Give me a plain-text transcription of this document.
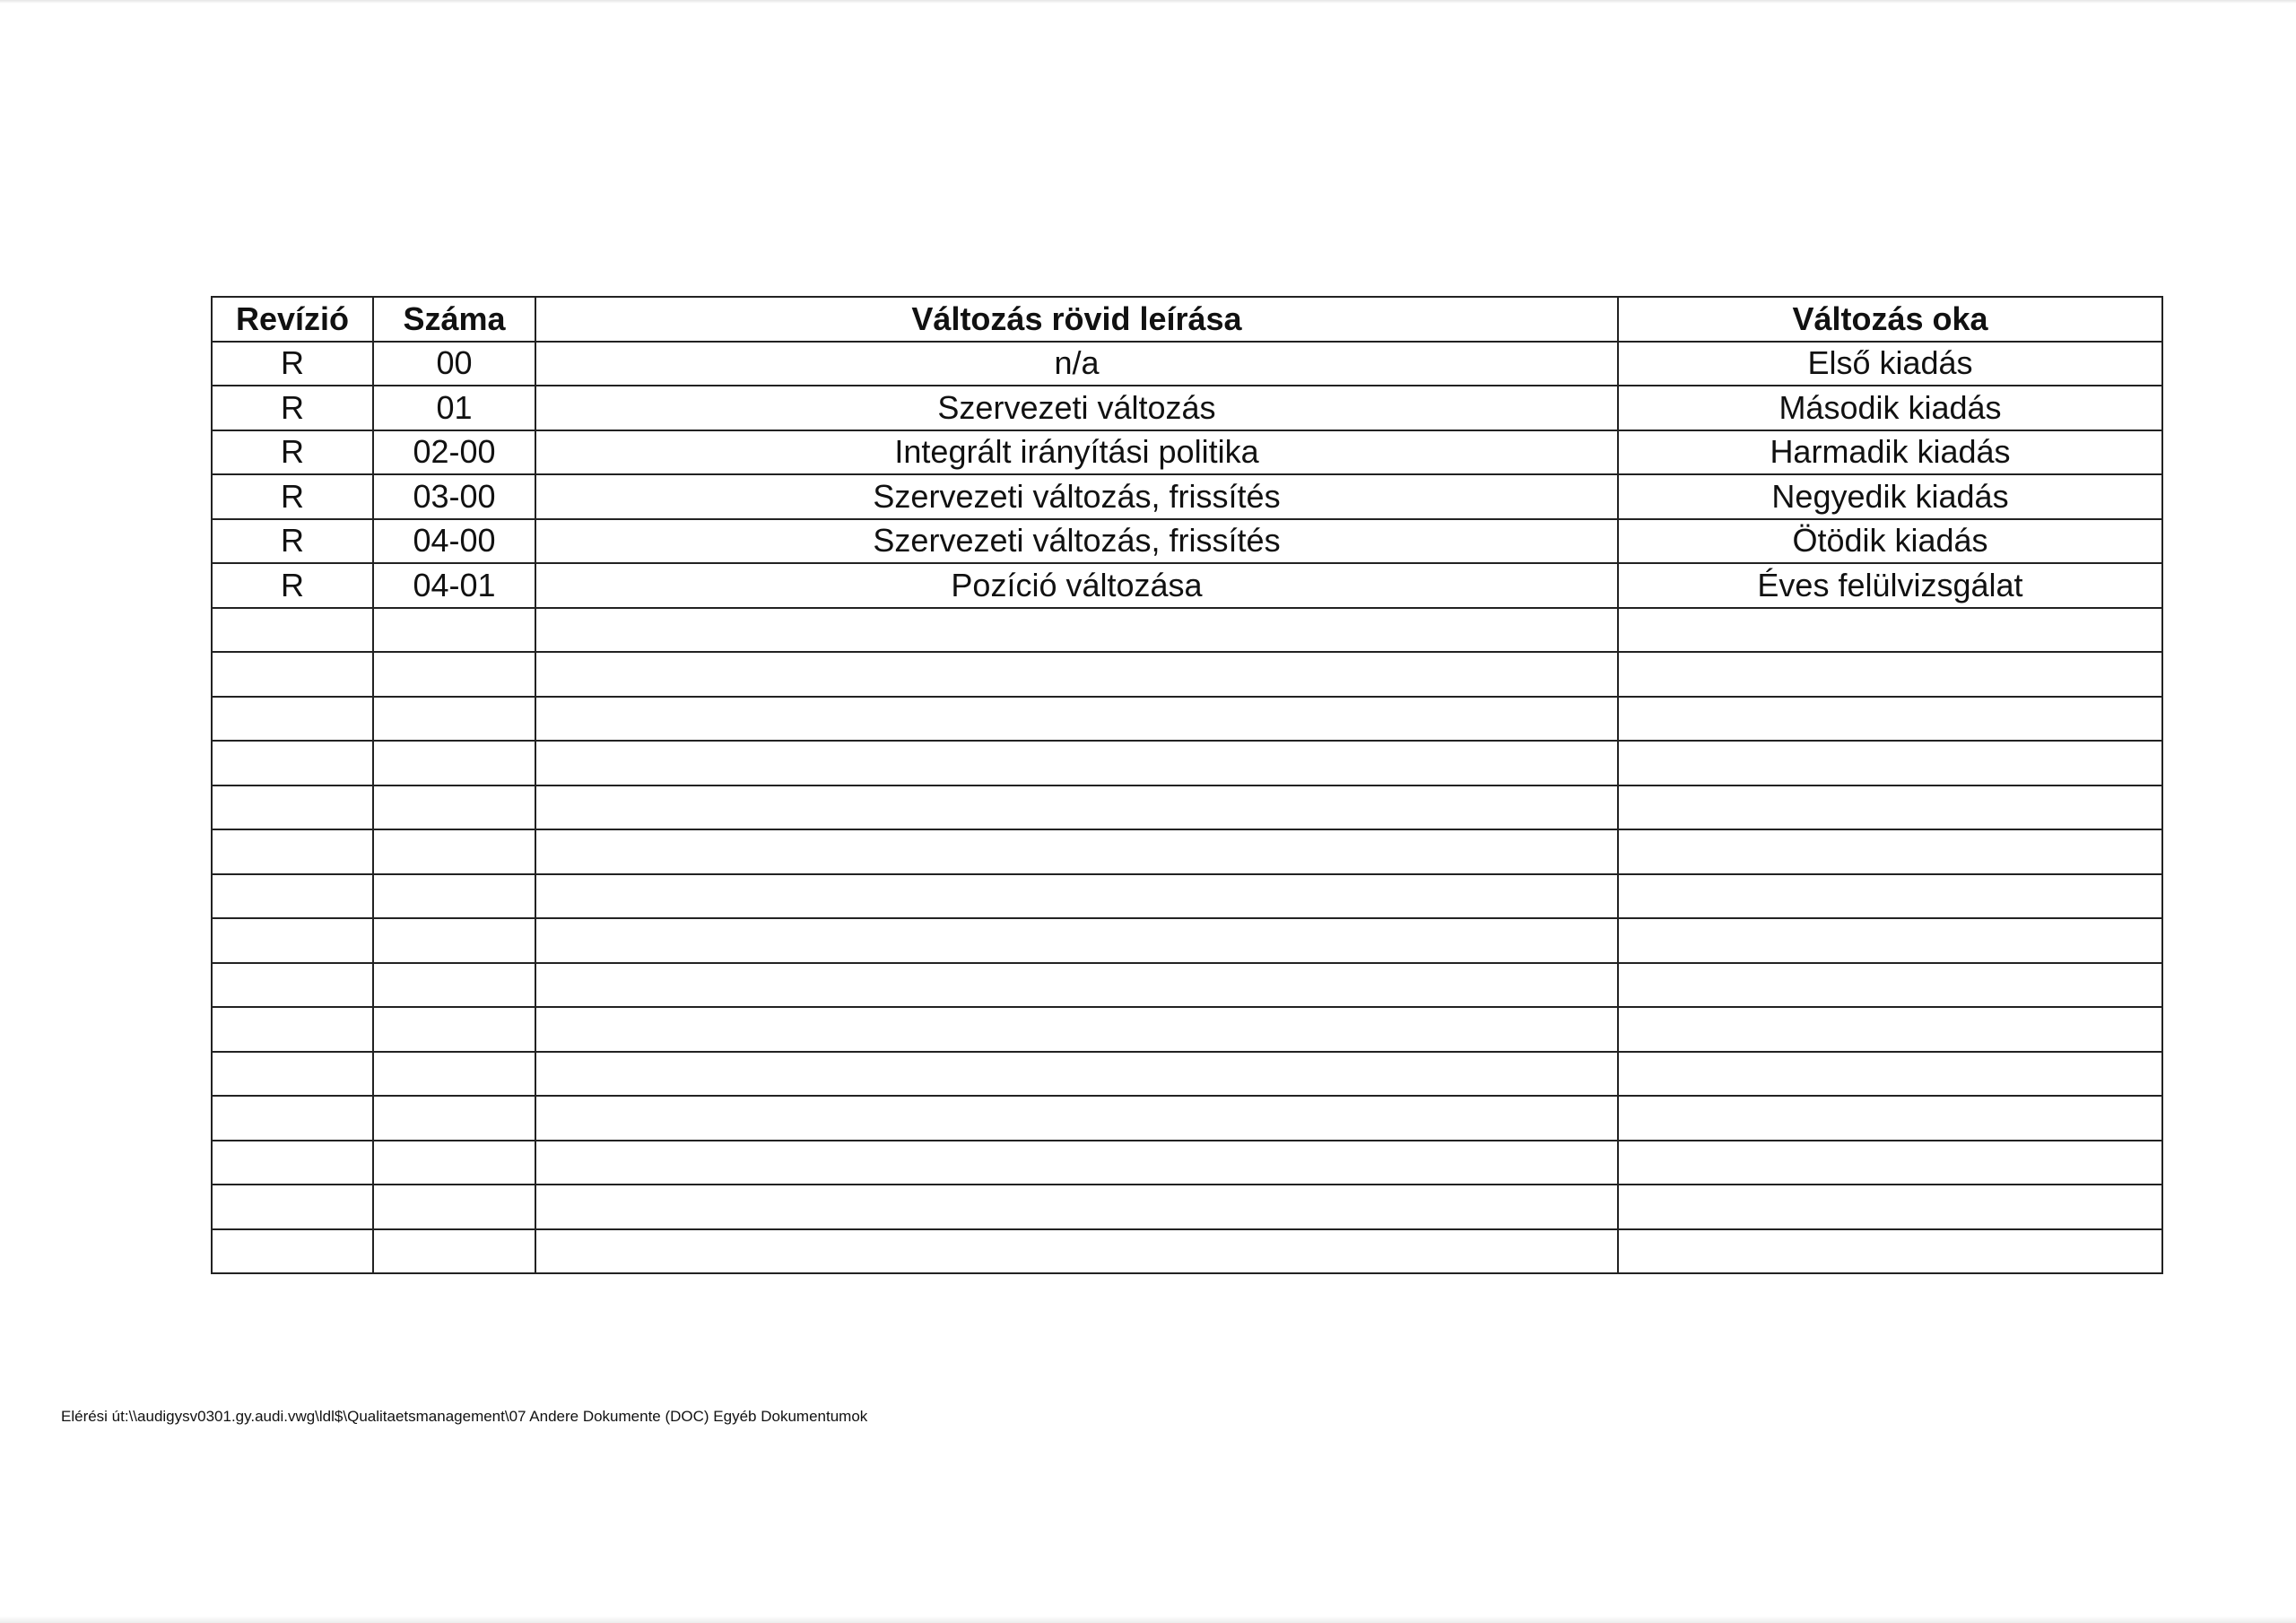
Revízió	Száma	Változás rövid leírása	Változás oka
R	00	n/a	Első kiadás
R	01	Szervezeti változás	Második kiadás
R	02-00	Integrált irányítási politika	Harmadik kiadás
R	03-00	Szervezeti változás, frissítés	Negyedik kiadás
R	04-00	Szervezeti változás, frissítés	Ötödik kiadás
R	04-01	Pozíció változása	Éves felülvizsgálat

Elérési út:\\audigysv0301.gy.audi.vwg\ldl$\Qualitaetsmanagement\07 Andere Dokumente (DOC) Egyéb Dokumentumok
